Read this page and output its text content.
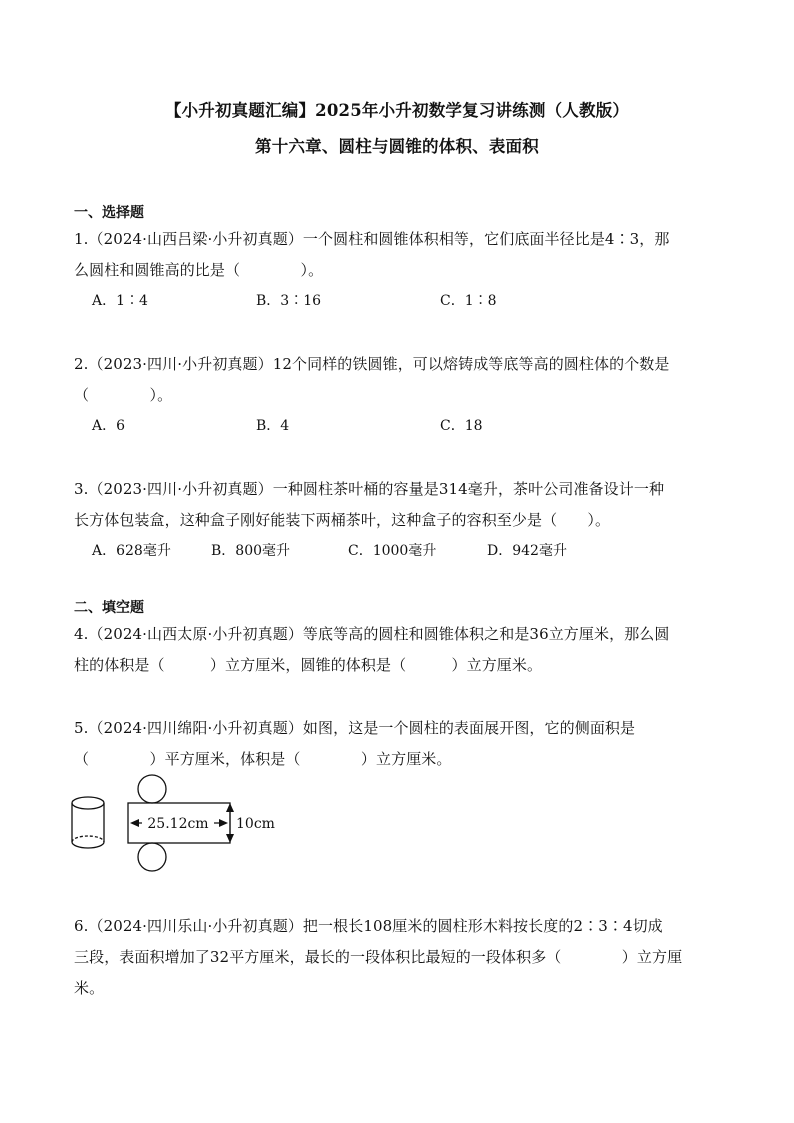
【小升初真题汇编】2025年小升初数学复习讲练测（人教版）
第十六章、圆柱与圆锥的体积、表面积
一、选择题
1.（2024·山西吕梁·小升初真题）一个圆柱和圆锥体积相等，它们底面半径比是4∶3，那
么圆柱和圆锥高的比是（　　　　）。
A．1∶4	B．3∶16	C．1∶8
2.（2023·四川·小升初真题）12个同样的铁圆锥，可以熔铸成等底等高的圆柱体的个数是
（　　　　）。
A．6	B．4	C．18
3.（2023·四川·小升初真题）一种圆柱茶叶桶的容量是314毫升，茶叶公司准备设计一种
长方体包装盒，这种盒子刚好能装下两桶茶叶，这种盒子的容积至少是（　　）。
A．628毫升	B．800毫升	C．1000毫升	D．942毫升
二、填空题
4.（2024·山西太原·小升初真题）等底等高的圆柱和圆锥体积之和是36立方厘米，那么圆
柱的体积是（　　　）立方厘米，圆锥的体积是（　　　）立方厘米。
5.（2024·四川绵阳·小升初真题）如图，这是一个圆柱的表面展开图，它的侧面积是
（　　　　）平方厘米，体积是（　　　　）立方厘米。
25.12cm 10cm
6.（2024·四川乐山·小升初真题）把一根长108厘米的圆柱形木料按长度的2∶3∶4切成
三段，表面积增加了32平方厘米，最长的一段体积比最短的一段体积多（　　　　）立方厘
米。
